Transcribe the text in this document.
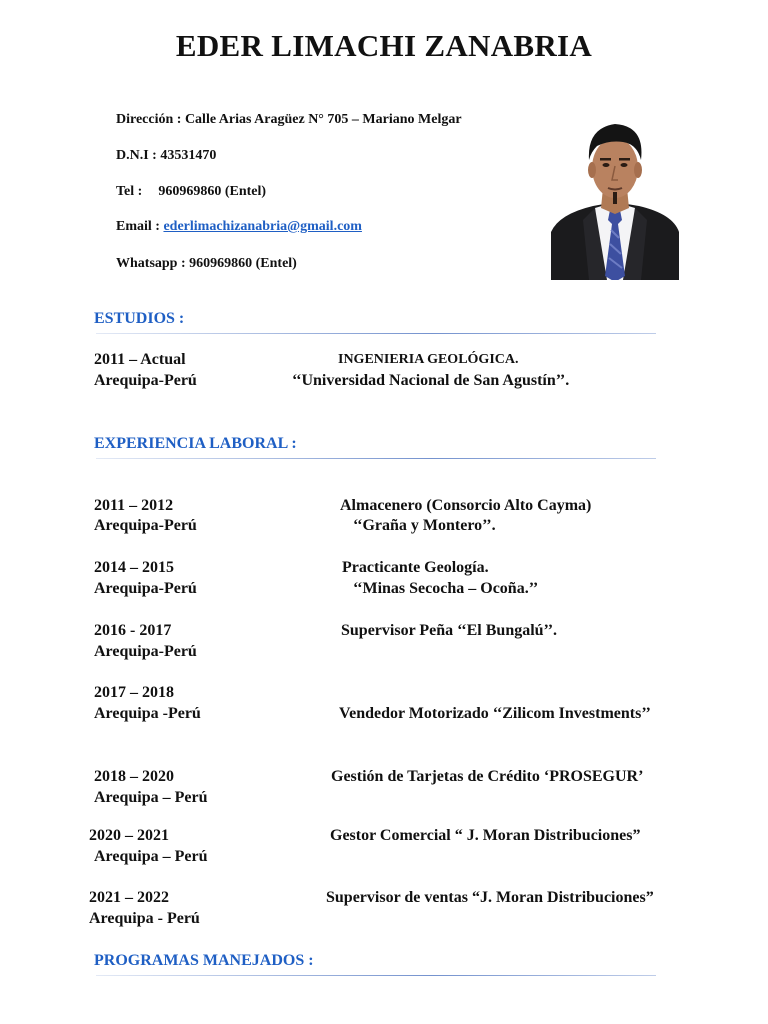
EDER LIMACHI ZANABRIA
Dirección : Calle Arias Aragüez N° 705 – Mariano Melgar
D.N.I : 43531470
Tel : 960969860 (Entel)
Email : ederlimachizanabria@gmail.com
Whatsapp : 960969860 (Entel)
ESTUDIOS :
2011 – Actual
Arequipa-Perú
INGENIERIA GEOLÓGICA.
‘‘Universidad Nacional de San Agustín’’.
EXPERIENCIA LABORAL :
2011 – 2012
Arequipa-Perú
Almacenero (Consorcio Alto Cayma)
‘‘Graña y Montero’’.
2014 – 2015
Arequipa-Perú
Practicante Geología.
‘‘Minas Secocha – Ocoña.’’
2016 - 2017
Arequipa-Perú
Supervisor Peña ‘‘El Bungalú’’.
2017 – 2018
Arequipa -Perú	Vendedor Motorizado ‘‘Zilicom Investments’’
2018 – 2020
Arequipa – Perú
Gestión de Tarjetas de Crédito ‘PROSEGUR’
2020 – 2021
Arequipa – Perú
Gestor Comercial “ J. Moran Distribuciones”
2021 – 2022
Arequipa - Perú
Supervisor de ventas “J. Moran Distribuciones”
PROGRAMAS MANEJADOS :
